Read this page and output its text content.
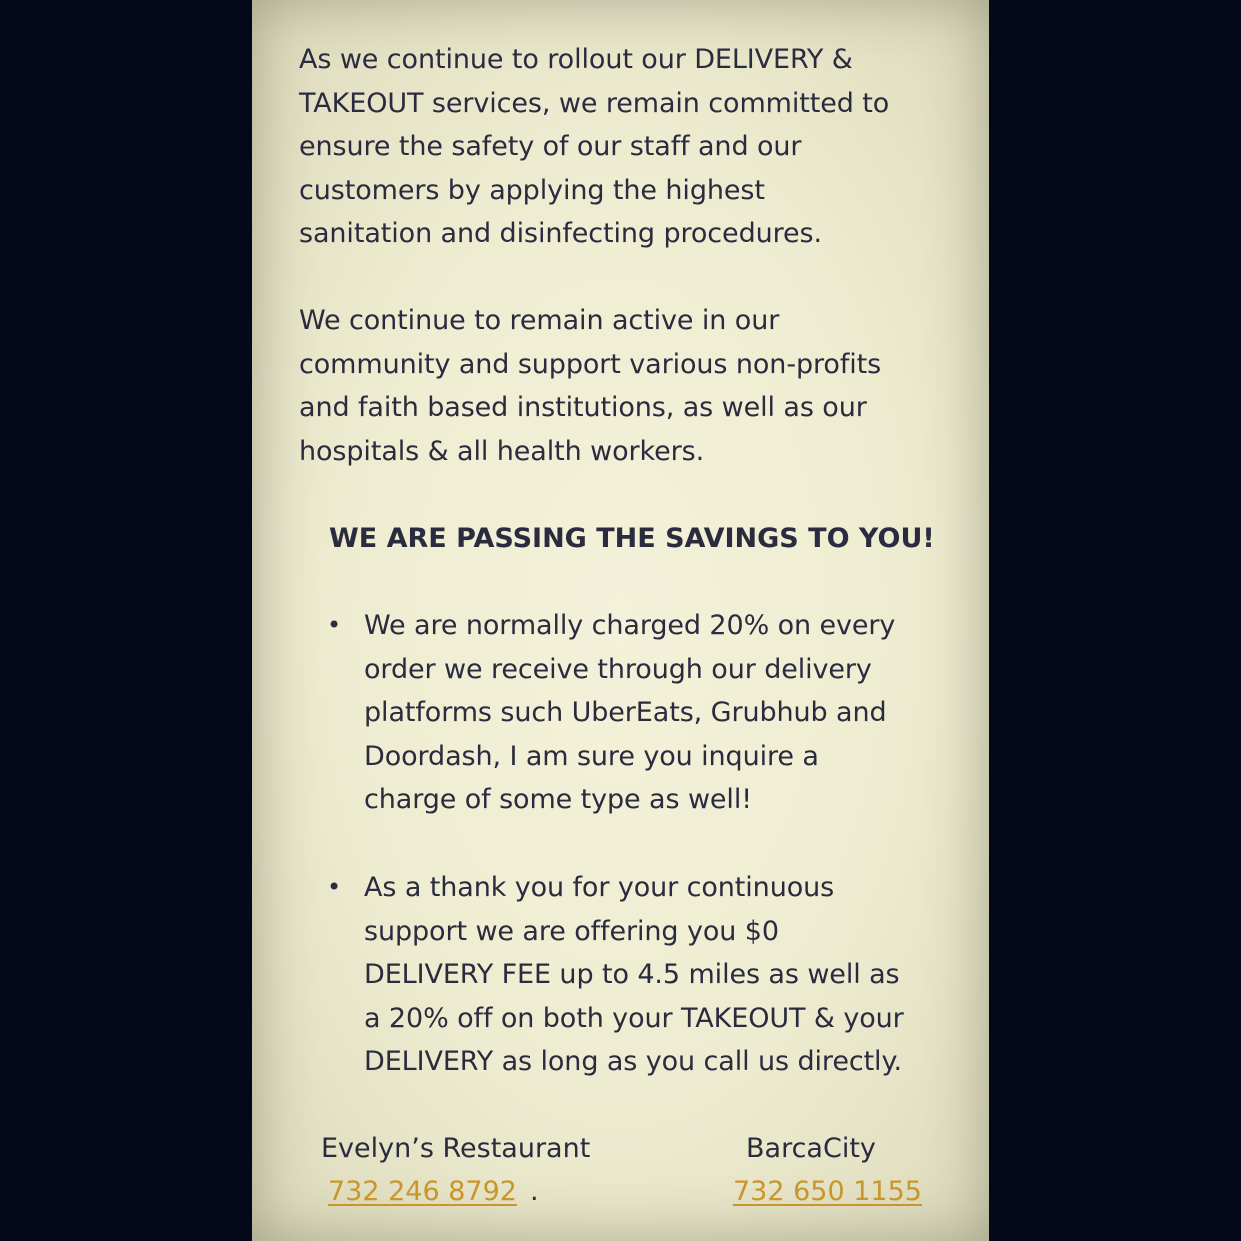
As we continue to rollout our DELIVERY &
TAKEOUT services, we remain committed to
ensure the safety of our staff and our
customers by applying the highest
sanitation and disinfecting procedures.

We continue to remain active in our
community and support various non-profits
and faith based institutions, as well as our
hospitals & all health workers.

WE ARE PASSING THE SAVINGS TO YOU!

• We are normally charged 20% on every
order we receive through our delivery
platforms such UberEats, Grubhub and
Doordash, I am sure you inquire a
charge of some type as well!

• As a thank you for your continuous
support we are offering you $0
DELIVERY FEE up to 4.5 miles as well as
a 20% off on both your TAKEOUT & your
DELIVERY as long as you call us directly.

Evelyn’s Restaurant

732 246 8792 .

BarcaCity

732 650 1155
